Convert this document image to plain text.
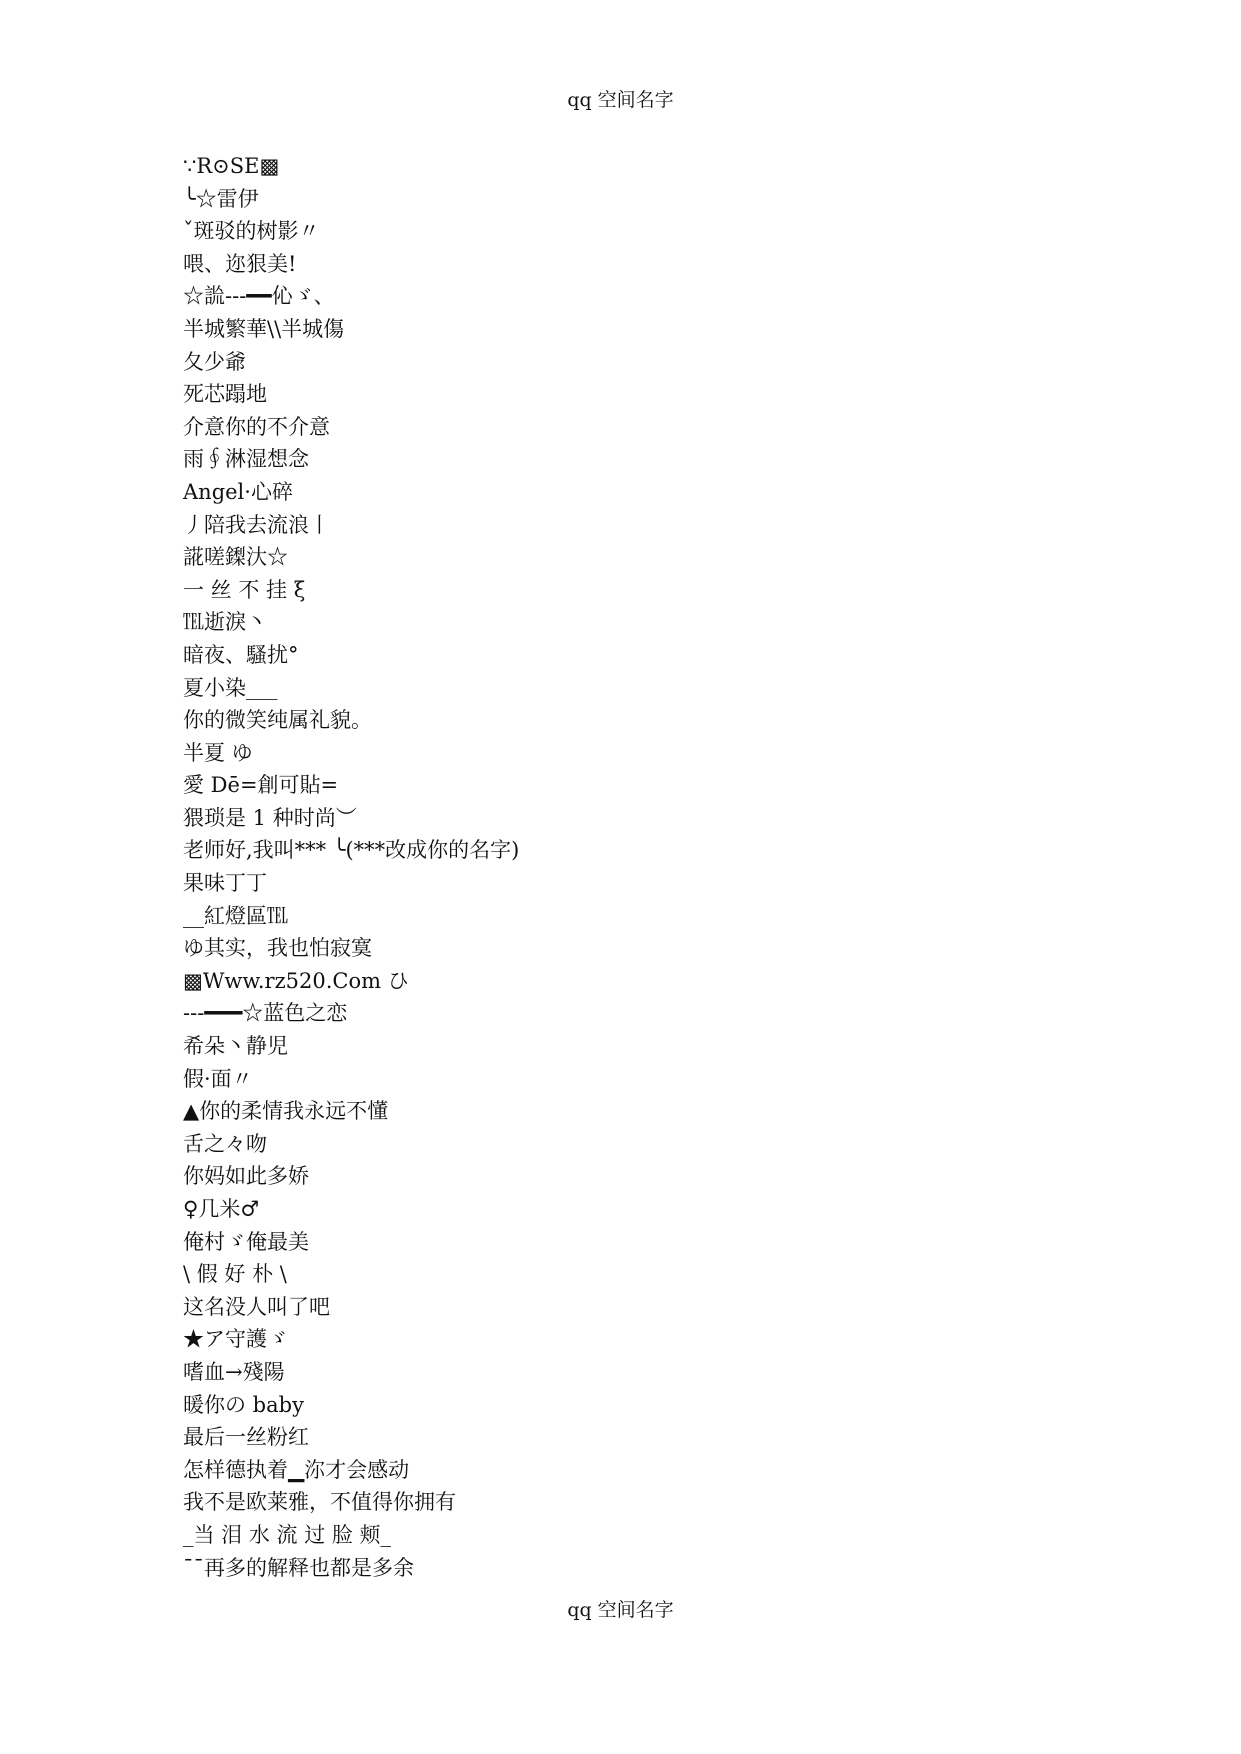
qq 空间名字
∵R⊙SΕ▩
╰☆雷伊
ˇ斑驳的树影〃
喂、迩狠美!
☆詤---━━伈ゞ、
半城繁華\\半城傷
夂少爺
死芯蹋地
介意你的不介意
雨∮淋湿想念
Angel·心碎
丿陪我去流浪丨
誮嗟鏫汏☆
一 丝 不 挂 ξ
℡逝淚丶
暗夜、騷扰°
夏小染___
你的微笑纯属礼貌。
半夏 ゆ
愛 Dē=創可貼=
猥琐是 1 种时尚︶
老师好,我叫*** ╰(***改成你的名字)
果味丁丁
__紅燈區℡
ゆ其实，我也怕寂寞
▩Www.rz520.Com ひ
---━━━☆蓝色之恋
希朵丶静児
假·面〃
▲你的柔情我永远不懂
舌之々吻
你妈如此多娇
♀几米♂
俺村ゞ俺最美
\ 假 好 朴 \
这名没人叫了吧
★ア守護ゞ
嗜血→殘陽
暖你の baby
最后一丝粉红
怎样德执着▁沵才会感动
我不是欧莱雅，不值得你拥有
_当 泪 水 流 过 脸 颊_
¯¯再多的解释也都是多余
qq 空间名字
